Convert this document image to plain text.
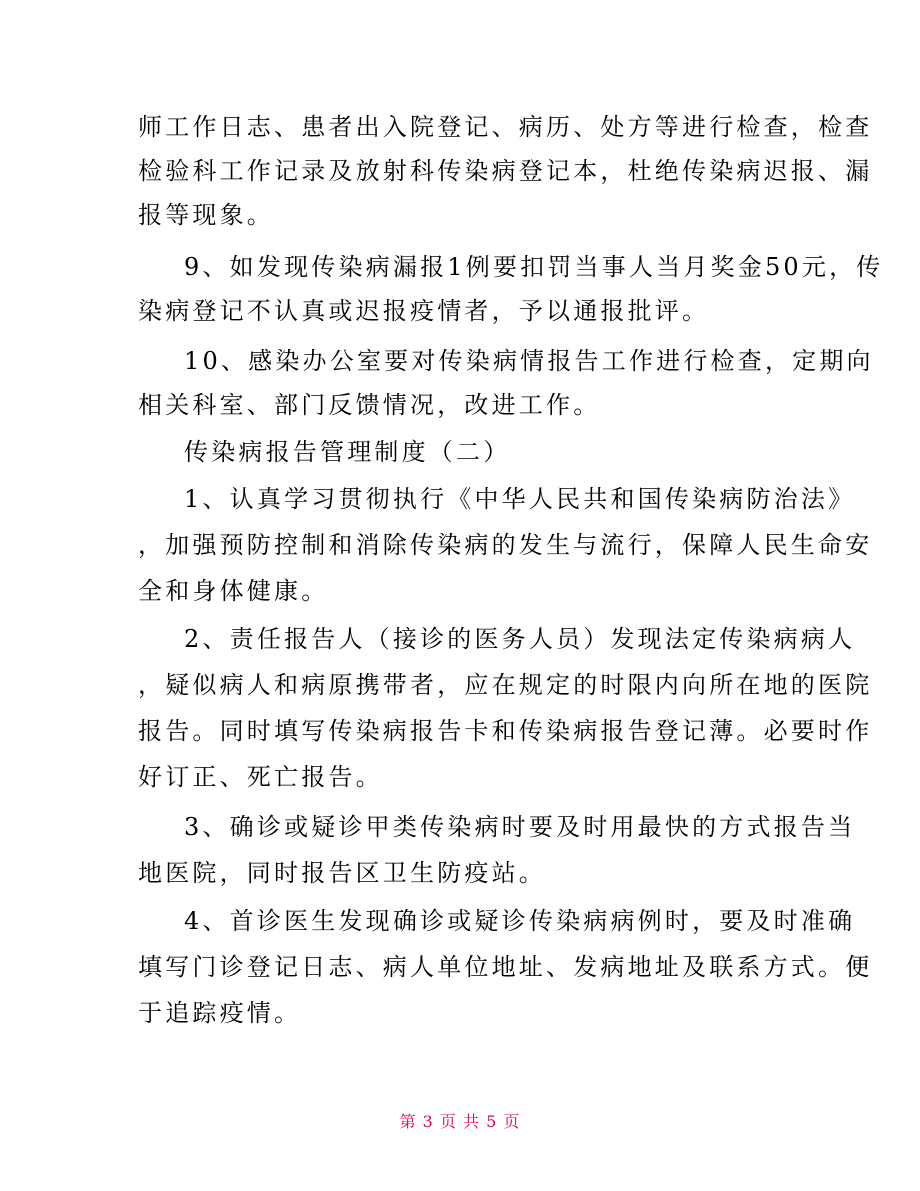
师工作日志、患者出入院登记、病历、处方等进行检查，检查
检验科工作记录及放射科传染病登记本，杜绝传染病迟报、漏
报等现象。
9、如发现传染病漏报1例要扣罚当事人当月奖金50元，传
染病登记不认真或迟报疫情者，予以通报批评。
10、感染办公室要对传染病情报告工作进行检查，定期向
相关科室、部门反馈情况，改进工作。
传染病报告管理制度（二）
1、认真学习贯彻执行《中华人民共和国传染病防治法》
，加强预防控制和消除传染病的发生与流行，保障人民生命安
全和身体健康。
2、责任报告人（接诊的医务人员）发现法定传染病病人
，疑似病人和病原携带者，应在规定的时限内向所在地的医院
报告。同时填写传染病报告卡和传染病报告登记薄。必要时作
好订正、死亡报告。
3、确诊或疑诊甲类传染病时要及时用最快的方式报告当
地医院，同时报告区卫生防疫站。
4、首诊医生发现确诊或疑诊传染病病例时，要及时准确
填写门诊登记日志、病人单位地址、发病地址及联系方式。便
于追踪疫情。
第 3 页 共 5 页
